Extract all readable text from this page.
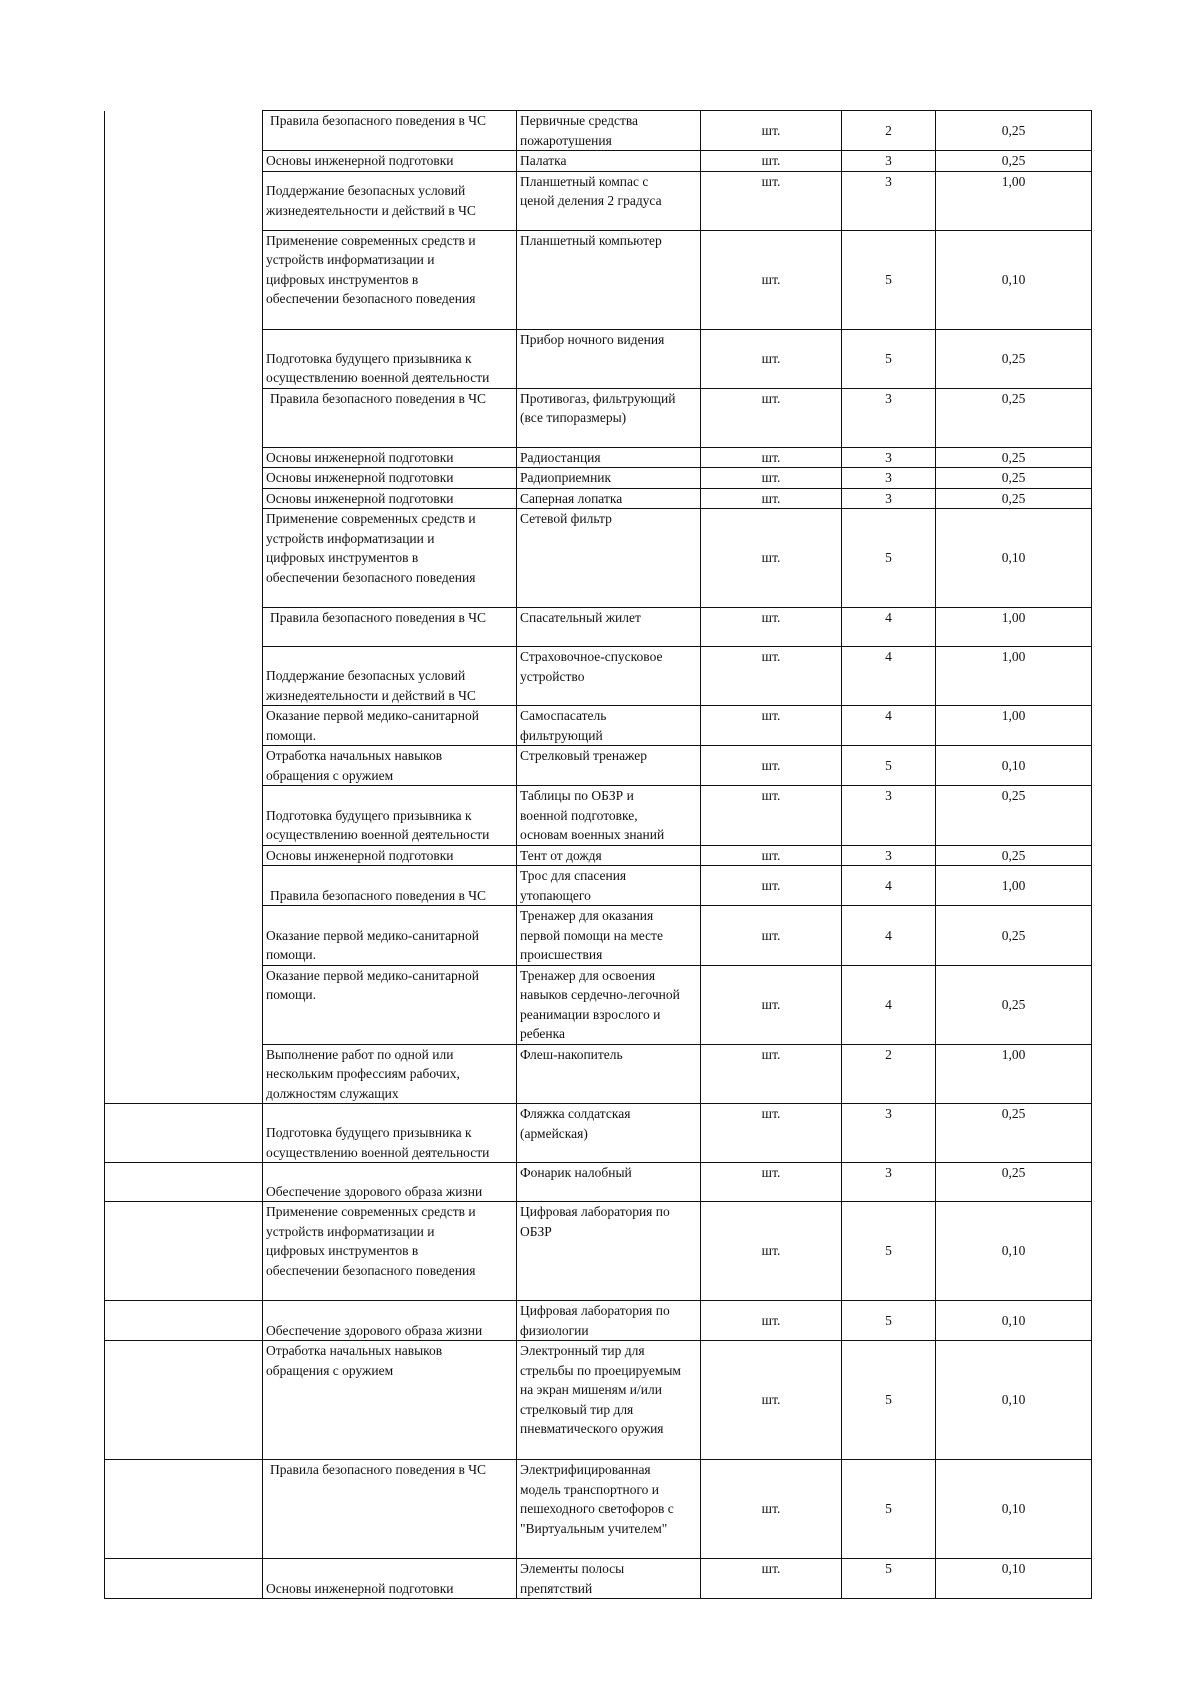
	Правила безопасного поведения в ЧС	Первичные средства
пожаротушения	шт.	2	0,25

	Основы инженерной подготовки	Палатка	шт.	3	0,25

	Поддержание безопасных условий
жизнедеятельности и действий в ЧС	Планшетный компас с
ценой деления 2 градуса	шт.	3	1,00

	Применение современных средств и
устройств информатизации и
цифровых инструментов в
обеспечении безопасного поведения	Планшетный компьютер	шт.	5	0,10

	Подготовка будущего призывника к
осуществлению военной деятельности	Прибор ночного видения	шт.	5	0,25

	Правила безопасного поведения в ЧС	Противогаз, фильтрующий
(все типоразмеры)	шт.	3	0,25

	Основы инженерной подготовки	Радиостанция	шт.	3	0,25

	Основы инженерной подготовки	Радиоприемник	шт.	3	0,25

	Основы инженерной подготовки	Саперная лопатка	шт.	3	0,25

	Применение современных средств и
устройств информатизации и
цифровых инструментов в
обеспечении безопасного поведения	Сетевой фильтр	шт.	5	0,10

	Правила безопасного поведения в ЧС	Спасательный жилет	шт.	4	1,00

	Поддержание безопасных условий
жизнедеятельности и действий в ЧС	Страховочное-спусковое
устройство	шт.	4	1,00

	Оказание первой медико-санитарной
помощи.	Самоспасатель
фильтрующий	шт.	4	1,00

	Отработка начальных навыков
обращения с оружием	Стрелковый тренажер	шт.	5	0,10

	Подготовка будущего призывника к
осуществлению военной деятельности	Таблицы по ОБЗР и
военной подготовке,
основам военных знаний	шт.	3	0,25

	Основы инженерной подготовки	Тент от дождя	шт.	3	0,25

	Правила безопасного поведения в ЧС	Трос для спасения
утопающего	шт.	4	1,00

	Оказание первой медико-санитарной
помощи.	Тренажер для оказания
первой помощи на месте
происшествия	шт.	4	0,25

	Оказание первой медико-санитарной
помощи.	Тренажер для освоения
навыков сердечно-легочной
реанимации взрослого и
ребенка	шт.	4	0,25

	Выполнение работ по одной или
нескольким профессиям рабочих,
должностям служащих	Флеш-накопитель	шт.	2	1,00

	Подготовка будущего призывника к
осуществлению военной деятельности	Фляжка солдатская
(армейская)	шт.	3	0,25

	Обеспечение здорового образа жизни	Фонарик налобный	шт.	3	0,25

	Применение современных средств и
устройств информатизации и
цифровых инструментов в
обеспечении безопасного поведения	Цифровая лаборатория по
ОБЗР	шт.	5	0,10

	Обеспечение здорового образа жизни	Цифровая лаборатория по
физиологии	шт.	5	0,10

	Отработка начальных навыков
обращения с оружием	Электронный тир для
стрельбы по проецируемым
на экран мишеням и/или
стрелковый тир для
пневматического оружия	шт.	5	0,10

	Правила безопасного поведения в ЧС	Электрифицированная
модель транспортного и
пешеходного светофоров с
"Виртуальным учителем"	шт.	5	0,10

	Основы инженерной подготовки	Элементы полосы
препятствий	шт.	5	0,10
